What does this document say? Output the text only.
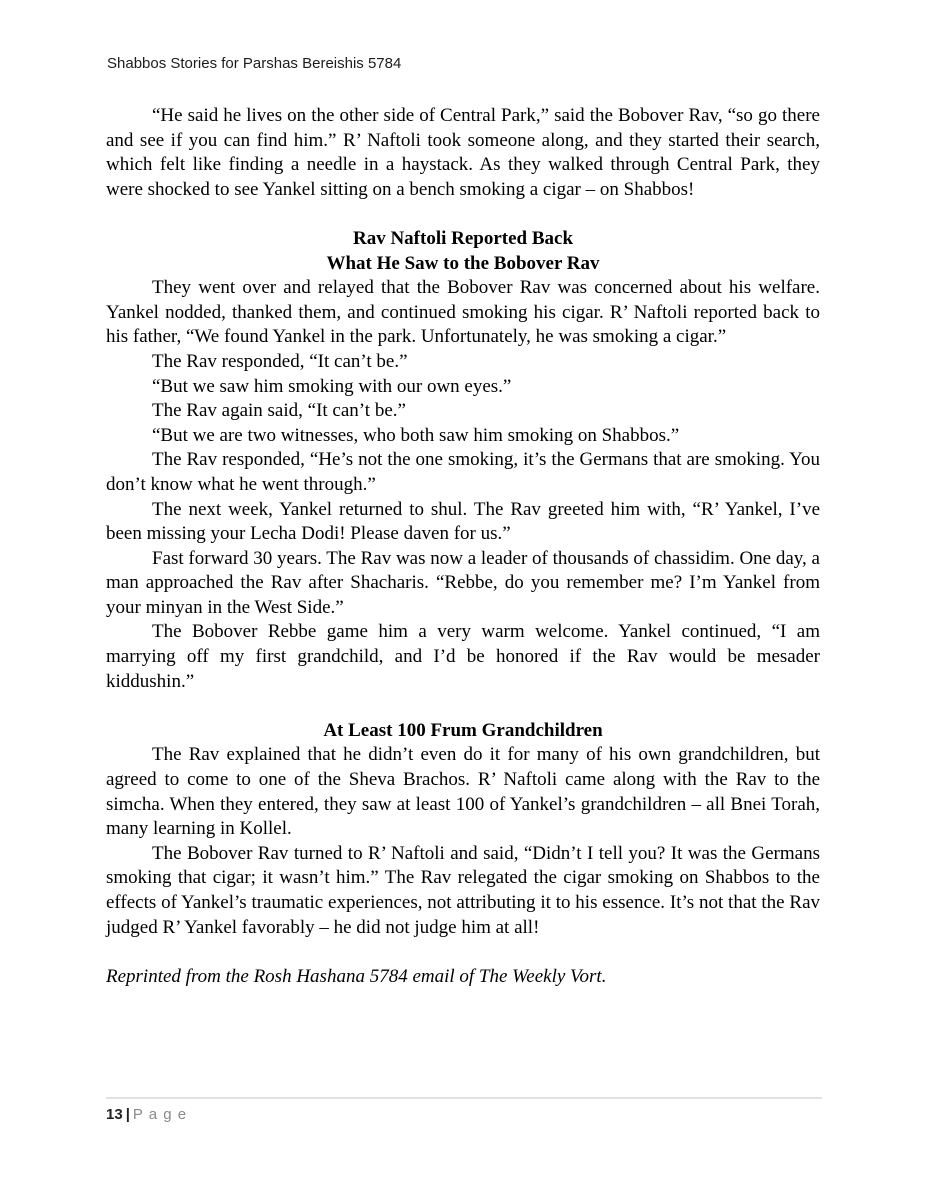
Shabbos Stories for Parshas Bereishis 5784

“He said he lives on the other side of Central Park,” said the Bobover Rav, “so go there and see if you can find him.” R’ Naftoli took someone along, and they started their search, which felt like finding a needle in a haystack. As they walked through Central Park, they were shocked to see Yankel sitting on a bench smoking a cigar – on Shabbos!

Rav Naftoli Reported Back

What He Saw to the Bobover Rav

They went over and relayed that the Bobover Rav was concerned about his welfare. Yankel nodded, thanked them, and continued smoking his cigar. R’ Naftoli reported back to his father, “We found Yankel in the park. Unfortunately, he was smoking a cigar.”

The Rav responded, “It can’t be.”

“But we saw him smoking with our own eyes.”

The Rav again said, “It can’t be.”

“But we are two witnesses, who both saw him smoking on Shabbos.”

The Rav responded, “He’s not the one smoking, it’s the Germans that are smoking. You don’t know what he went through.”

The next week, Yankel returned to shul. The Rav greeted him with, “R’ Yankel, I’ve been missing your Lecha Dodi! Please daven for us.”

Fast forward 30 years. The Rav was now a leader of thousands of chassidim. One day, a man approached the Rav after Shacharis. “Rebbe, do you remember me? I’m Yankel from your minyan in the West Side.”

The Bobover Rebbe game him a very warm welcome. Yankel continued, “I am marrying off my first grandchild, and I’d be honored if the Rav would be mesader kiddushin.”

At Least 100 Frum Grandchildren

The Rav explained that he didn’t even do it for many of his own grandchildren, but agreed to come to one of the Sheva Brachos. R’ Naftoli came along with the Rav to the simcha. When they entered, they saw at least 100 of Yankel’s grandchildren – all Bnei Torah, many learning in Kollel.

The Bobover Rav turned to R’ Naftoli and said, “Didn’t I tell you? It was the Germans smoking that cigar; it wasn’t him.” The Rav relegated the cigar smoking on Shabbos to the effects of Yankel’s traumatic experiences, not attributing it to his essence. It’s not that the Rav judged R’ Yankel favorably – he did not judge him at all!

Reprinted from the Rosh Hashana 5784 email of The Weekly Vort.

13 | P a g e
